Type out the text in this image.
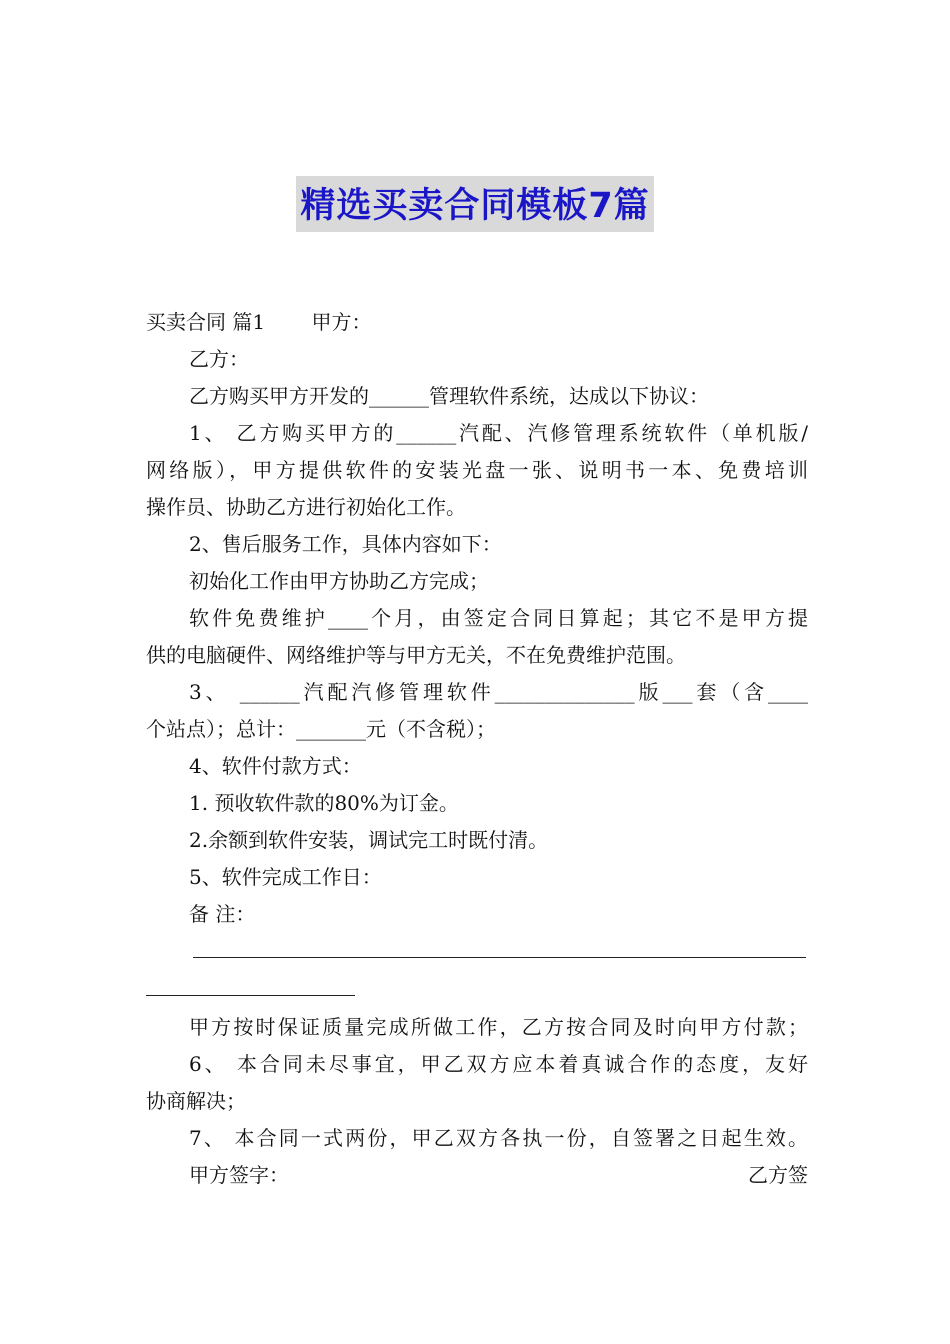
精选买卖合同模板7篇
买卖合同 篇1　　 甲方：
乙方：
乙方购买甲方开发的______管理软件系统，达成以下协议：
1、 乙方购买甲方的______汽配、汽修管理系统软件（单机版/
网络版），甲方提供软件的安装光盘一张、说明书一本、免费培训
操作员、协助乙方进行初始化工作。
2、售后服务工作，具体内容如下：
初始化工作由甲方协助乙方完成；
软件免费维护____个月，由签定合同日算起；其它不是甲方提
供的电脑硬件、网络维护等与甲方无关，不在免费维护范围。
3、 ______汽配汽修管理软件______________版___套（含____
个站点）；总计：_______元（不含税）；
4、软件付款方式：
1. 预收软件款的80%为订金。
2.余额到软件安装，调试完工时既付清。
5、软件完成工作日：
备 注：
甲方按时保证质量完成所做工作，乙方按合同及时向甲方付款；
6、 本合同未尽事宜，甲乙双方应本着真诚合作的态度，友好
协商解决；
7、 本合同一式两份，甲乙双方各执一份，自签署之日起生效。
甲方签字：	乙方签
